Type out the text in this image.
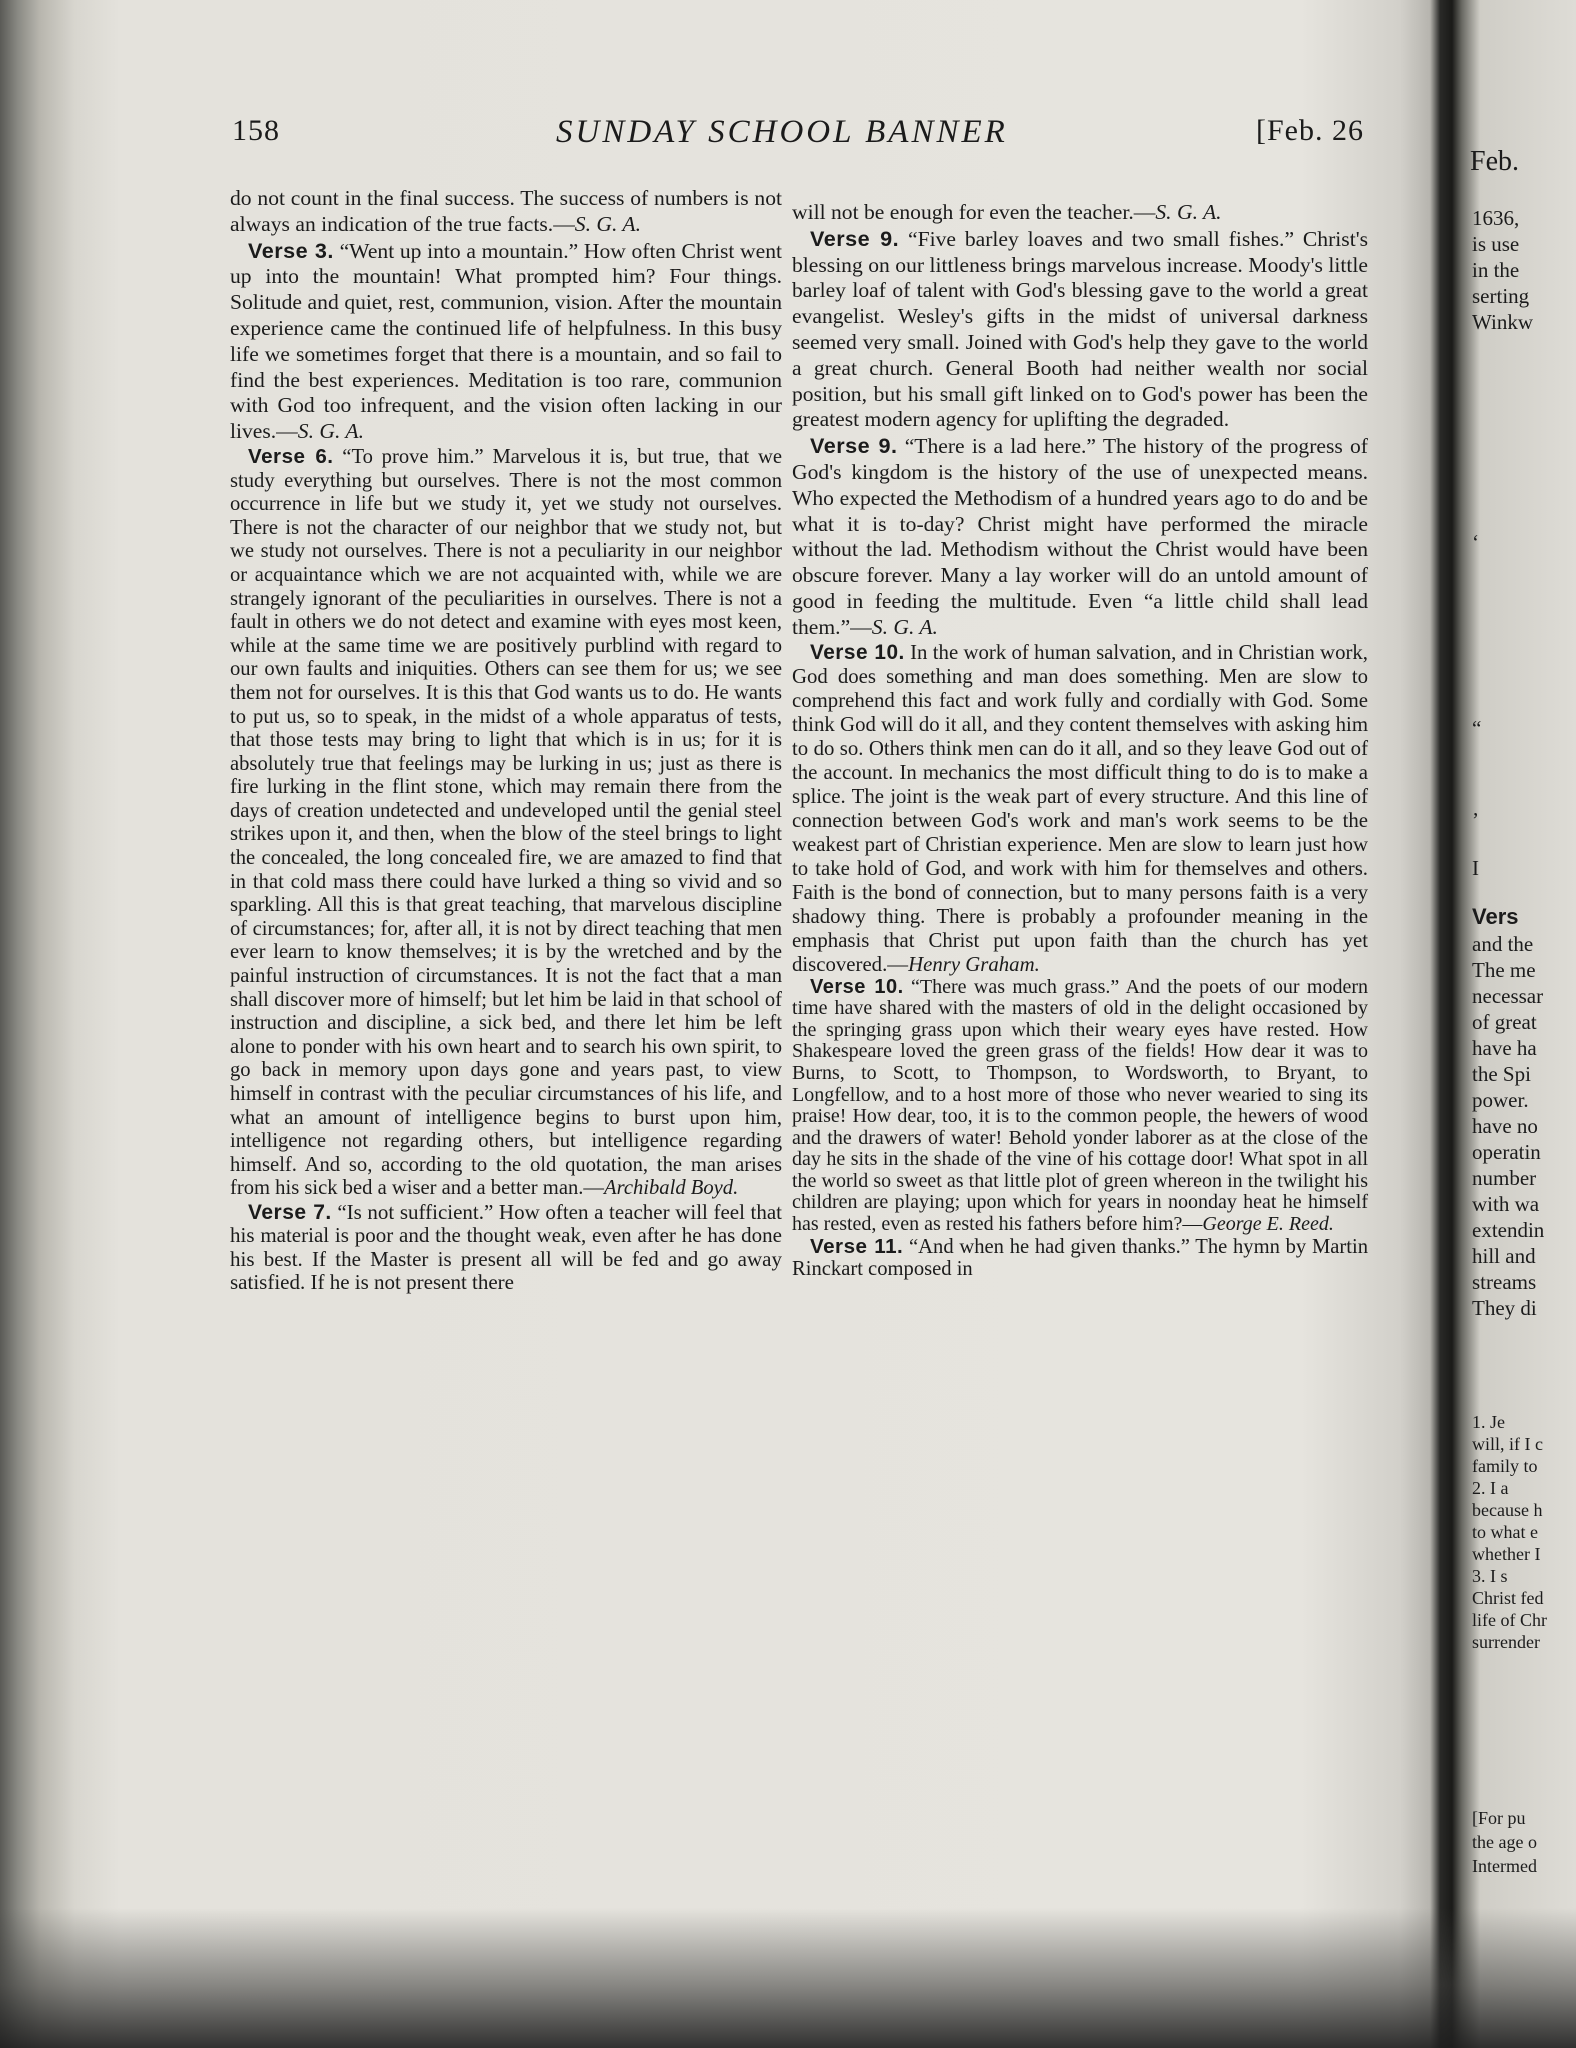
158	SUNDAY SCHOOL BANNER	[Feb. 26

do not count in the final success. The success of numbers is not always an indication of the true facts.—S. G. A.

Verse 3. “Went up into a mountain.” How often Christ went up into the mountain! What prompted him? Four things. Solitude and quiet, rest, communion, vision. After the mountain experience came the continued life of helpfulness. In this busy life we sometimes forget that there is a mountain, and so fail to find the best experiences. Meditation is too rare, communion with God too infrequent, and the vision often lacking in our lives.—S. G. A.

Verse 6. “To prove him.” Marvelous it is, but true, that we study everything but ourselves. There is not the most common occurrence in life but we study it, yet we study not ourselves. There is not the character of our neighbor that we study not, but we study not ourselves. There is not a peculiarity in our neighbor or acquaintance which we are not acquainted with, while we are strangely ignorant of the peculiarities in ourselves. There is not a fault in others we do not detect and examine with eyes most keen, while at the same time we are positively purblind with regard to our own faults and iniquities. Others can see them for us; we see them not for ourselves. It is this that God wants us to do. He wants to put us, so to speak, in the midst of a whole apparatus of tests, that those tests may bring to light that which is in us; for it is absolutely true that feelings may be lurking in us; just as there is fire lurking in the flint stone, which may remain there from the days of creation undetected and undeveloped until the genial steel strikes upon it, and then, when the blow of the steel brings to light the concealed, the long concealed fire, we are amazed to find that in that cold mass there could have lurked a thing so vivid and so sparkling. All this is that great teaching, that marvelous discipline of circumstances; for, after all, it is not by direct teaching that men ever learn to know themselves; it is by the wretched and by the painful instruction of circumstances. It is not the fact that a man shall discover more of himself; but let him be laid in that school of instruction and discipline, a sick bed, and there let him be left alone to ponder with his own heart and to search his own spirit, to go back in memory upon days gone and years past, to view himself in contrast with the peculiar circumstances of his life, and what an amount of intelligence begins to burst upon him, intelligence not regarding others, but intelligence regarding himself. And so, according to the old quotation, the man arises from his sick bed a wiser and a better man.—Archibald Boyd.

Verse 7. “Is not sufficient.” How often a teacher will feel that his material is poor and the thought weak, even after he has done his best. If the Master is present all will be fed and go away satisfied. If he is not present there

will not be enough for even the teacher.—S. G. A.

Verse 9. “Five barley loaves and two small fishes.” Christ's blessing on our littleness brings marvelous increase. Moody's little barley loaf of talent with God's blessing gave to the world a great evangelist. Wesley's gifts in the midst of universal darkness seemed very small. Joined with God's help they gave to the world a great church. General Booth had neither wealth nor social position, but his small gift linked on to God's power has been the greatest modern agency for uplifting the degraded.

Verse 9. “There is a lad here.” The history of the progress of God's kingdom is the history of the use of unexpected means. Who expected the Methodism of a hundred years ago to do and be what it is to-day? Christ might have performed the miracle without the lad. Methodism without the Christ would have been obscure forever. Many a lay worker will do an untold amount of good in feeding the multitude. Even “a little child shall lead them.”—S. G. A.

Verse 10. In the work of human salvation, and in Christian work, God does something and man does something. Men are slow to comprehend this fact and work fully and cordially with God. Some think God will do it all, and they content themselves with asking him to do so. Others think men can do it all, and so they leave God out of the account. In mechanics the most difficult thing to do is to make a splice. The joint is the weak part of every structure. And this line of connection between God's work and man's work seems to be the weakest part of Christian experience. Men are slow to learn just how to take hold of God, and work with him for themselves and others. Faith is the bond of connection, but to many persons faith is a very shadowy thing. There is probably a profounder meaning in the emphasis that Christ put upon faith than the church has yet discovered.—Henry Graham.

Verse 10. “There was much grass.” And the poets of our modern time have shared with the masters of old in the delight occasioned by the springing grass upon which their weary eyes have rested. How Shakespeare loved the green grass of the fields! How dear it was to Burns, to Scott, to Thompson, to Wordsworth, to Bryant, to Longfellow, and to a host more of those who never wearied to sing its praise! How dear, too, it is to the common people, the hewers of wood and the drawers of water! Behold yonder laborer as at the close of the day he sits in the shade of the vine of his cottage door! What spot in all the world so sweet as that little plot of green whereon in the twilight his children are playing; upon which for years in noonday heat he himself has rested, even as rested his fathers before him?—George E. Reed.

Verse 11. “And when he had given thanks.” The hymn by Martin Rinckart composed in

Feb.
1636,
is use
in the
serting
Winkw
‘
“
’
I
Vers
and the
The me
necessar
of great
have ha
the Spi
power.
have no
operatin
number
with wa
extendin
hill and
streams
They di
1. Je
will, if I c
family to
2. I a
because h
to what e
whether I
3. I s
Christ fed
life of Chr
surrender
[For pu
the age o
Intermed
